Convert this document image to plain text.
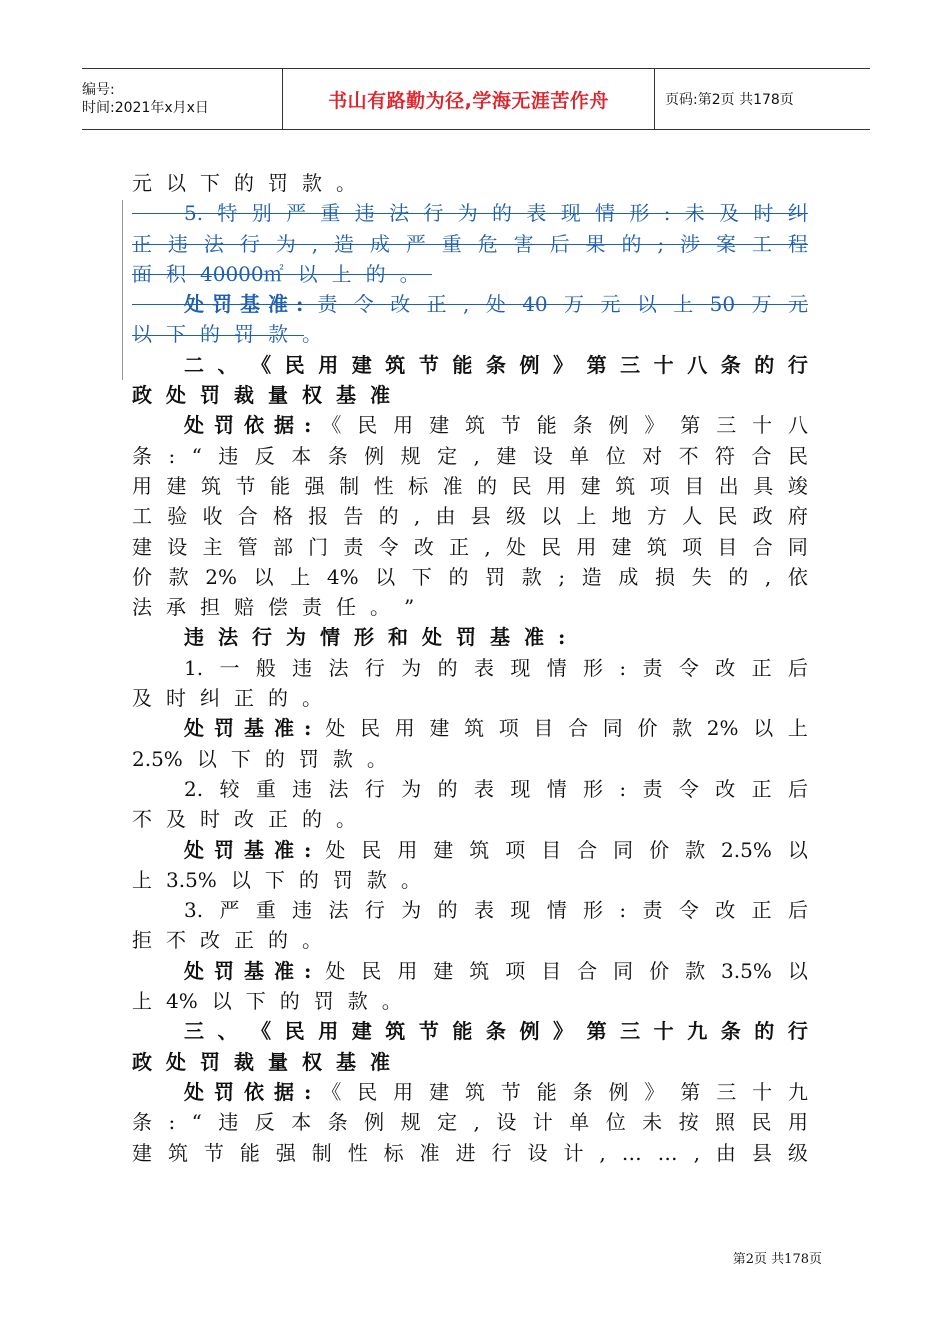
编号:
时间:2021年x月x日	书山有路勤为径,学海无涯苦作舟	页码:第2页 共178页
元 以 下 的 罚 款 。
5. 特 别 严 重 违 法 行 为 的 表 现 情 形 : 未 及 时 纠
正 违 法 行 为 , 造 成 严 重 危 害 后 果 的 ; 涉 案 工 程
面 积 40000㎡ 以 上 的 。
处 罚 基 准 : 责 令 改 正 , 处 40 万 元 以 上 50 万 元
以 下 的 罚 款 。
二 、 《 民 用 建 筑 节 能 条 例 》 第 三 十 八 条 的 行
政 处 罚 裁 量 权 基 准
处 罚 依 据 : 《 民 用 建 筑 节 能 条 例 》 第 三 十 八
条 : “ 违 反 本 条 例 规 定 , 建 设 单 位 对 不 符 合 民
用 建 筑 节 能 强 制 性 标 准 的 民 用 建 筑 项 目 出 具 竣
工 验 收 合 格 报 告 的 , 由 县 级 以 上 地 方 人 民 政 府
建 设 主 管 部 门 责 令 改 正 , 处 民 用 建 筑 项 目 合 同
价 款 2% 以 上 4% 以 下 的 罚 款 ; 造 成 损 失 的 , 依
法 承 担 赔 偿 责 任 。 ”
违 法 行 为 情 形 和 处 罚 基 准 :
1. 一 般 违 法 行 为 的 表 现 情 形 : 责 令 改 正 后
及 时 纠 正 的 。
处 罚 基 准 : 处 民 用 建 筑 项 目 合 同 价 款 2% 以 上
2.5% 以 下 的 罚 款 。
2. 较 重 违 法 行 为 的 表 现 情 形 : 责 令 改 正 后
不 及 时 改 正 的 。
处 罚 基 准 : 处 民 用 建 筑 项 目 合 同 价 款 2.5% 以
上 3.5% 以 下 的 罚 款 。
3. 严 重 违 法 行 为 的 表 现 情 形 : 责 令 改 正 后
拒 不 改 正 的 。
处 罚 基 准 : 处 民 用 建 筑 项 目 合 同 价 款 3.5% 以
上 4% 以 下 的 罚 款 。
三 、 《 民 用 建 筑 节 能 条 例 》 第 三 十 九 条 的 行
政 处 罚 裁 量 权 基 准
处 罚 依 据 : 《 民 用 建 筑 节 能 条 例 》 第 三 十 九
条 : “ 违 反 本 条 例 规 定 , 设 计 单 位 未 按 照 民 用
建 筑 节 能 强 制 性 标 准 进 行 设 计 , … … , 由 县 级
第2页 共178页
